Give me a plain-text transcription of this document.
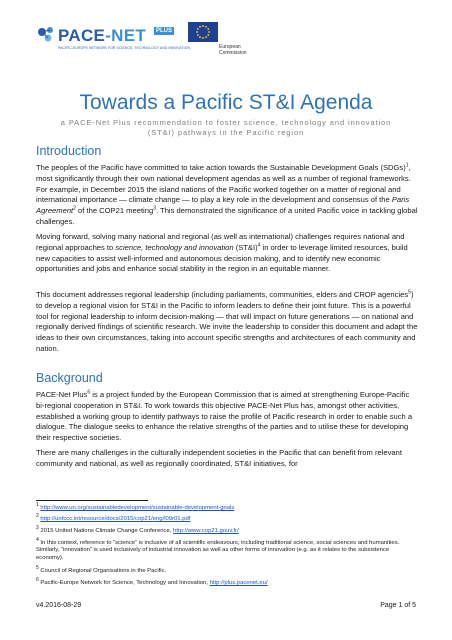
PACE-NET	PLUS
PACIFIC-EUROPE NETWORK FOR SCIENCE, TECHNOLOGY AND INNOVATION	European
Commission
Towards a Pacific ST&I Agenda
a PACE-Net Plus recommendation to foster science, technology and innovation (ST&I) pathways in the Pacific region
Introduction
The peoples of the Pacific have committed to take action towards the Sustainable Development Goals (SDGs)$^1$, most significantly through their own national development agendas as well as a number of regional frameworks. For example, in December 2015 the island nations of the Pacific worked together on a matter of regional and international importance — climate change — to play a key role in the development and consensus of the Paris Agreement$^2$ of the COP21 meeting$^3$. This demonstrated the significance of a united Pacific voice in tackling global challenges.
Moving forward, solving many national and regional (as well as international) challenges requires national and regional approaches to science, technology and innovation (ST&I)$^4$ in order to leverage limited resources, build new capacities to assist well-informed and autonomous decision making, and to identify new economic opportunities and jobs and enhance social stability in the region in an equitable manner.
This document addresses regional leadership (including parliaments, communities, elders and CROP agencies$^5$) to develop a regional vision for ST&I in the Pacific to inform leaders to define their joint future. This is a powerful tool for regional leadership to inform decision-making — that will impact on future generations — on national and regionally derived findings of scientific research. We invite the leadership to consider this document and adapt the ideas to their own circumstances, taking into account specific strengths and architectures of each community and nation.
Background
PACE-Net Plus$^6$ is a project funded by the European Commission that is aimed at strengthening Europe-Pacific bi-regional cooperation in ST&I. To work towards this objective PACE-Net Plus has, amongst other activities, established a working group to identify pathways to raise the profile of Pacific research in order to enable such a dialogue. The dialogue seeks to enhance the relative strengths of the parties and to utilise these for developing their respective societies.
There are many challenges in the culturally independent societies in the Pacific that can benefit from relevant community and national, as well as regionally coordinated, ST&I initiatives, for
$^1$ http://www.un.org/sustainabledevelopment/sustainable-development-goals
$^2$ http://unfccc.int/resource/docs/2015/cop21/eng/l09r01.pdf
$^3$ 2015 United Nations Climate Change Conference, http://www.cop21.gouv.fr/
$^4$ In this context, reference to “science” is inclusive of all scientific endeavours, including traditional science, social sciences and humanities. Similarly, “innovation” is used inclusively of industrial innovation as well as other forms of innovation (e.g. as it relates to the subsistence economy).
$^5$ Council of Regional Organisations in the Pacific.
$^6$ Pacific-Europe Network for Science, Technology and Innovation, http://plus.pacenet.eu/
v4.2016-08-29	Page 1 of 5
